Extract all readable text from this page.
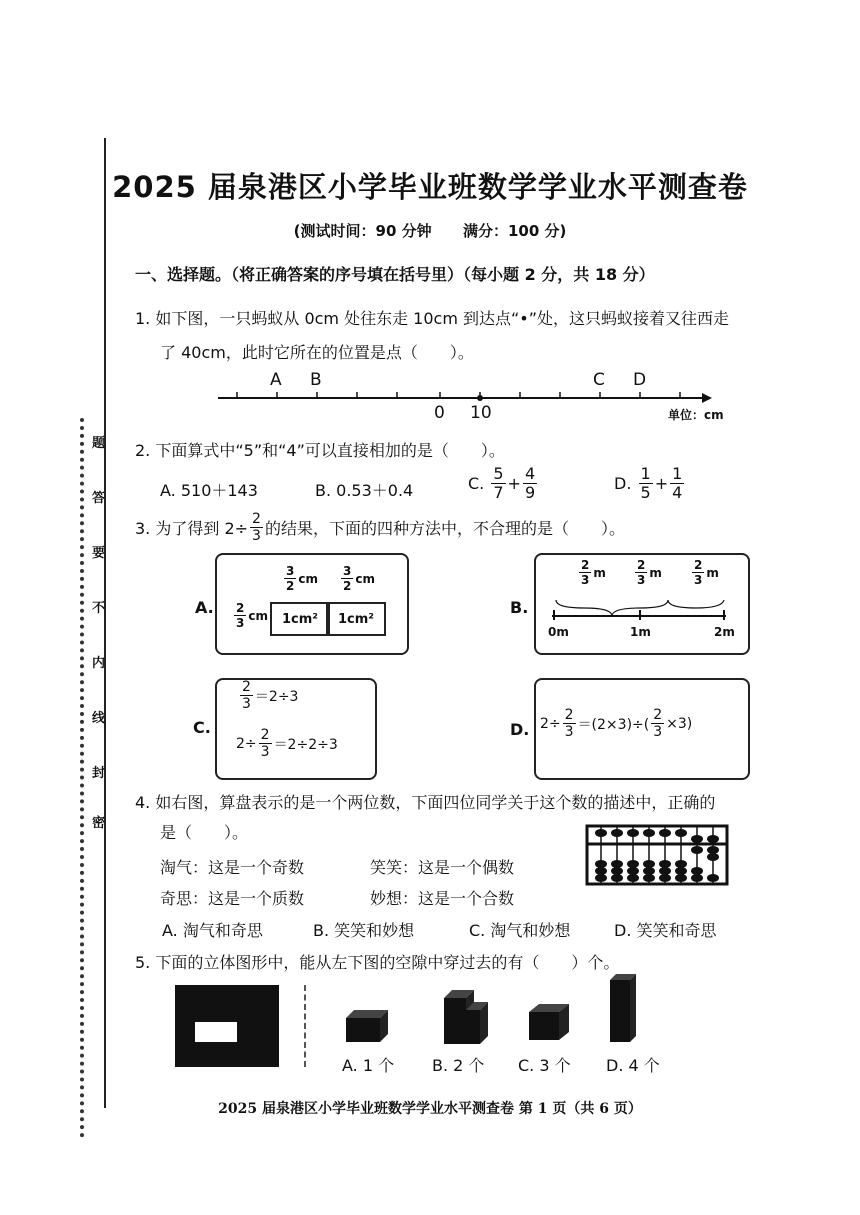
题
答
要
不
内
线
封
密
2025 届泉港区小学毕业班数学学业水平测查卷
(测试时间：90 分钟 满分：100 分)
一、选择题。（将正确答案的序号填在括号里）（每小题 2 分，共 18 分）
1. 如下图，一只蚂蚁从 0cm 处往东走 10cm 到达点“•”处，这只蚂蚁接着又往西走
了 40cm，此时它所在的位置是点（　　）。
A B	C D
0 10	单位：cm
2. 下面算式中“5”和“4”可以直接相加的是（　　）。
A. 510＋143	B. 0.53＋0.4	C.
$\frac{5}{7} + \frac{4}{9}$	D.
$\frac{1}{5} + \frac{1}{4}$
3. 为了得到 $2\div \frac{2}{3}$ 的结果，下面的四种方法中，不合理的是（　　）。
A.
$\frac{3}{2}$ cm $\frac{3}{2}$ cm
$\frac{2}{3}$ cm	1cm²	1cm²
B.
$\frac{2}{3}$ m $\frac{2}{3}$ m	$\frac{2}{3}$ m
0m	1m	2m
C.
$\frac{2}{3} =2\div 3$
$2\div \frac{2}{3} =2\div 2\div 3$
D. $2\div \frac{2}{3} =(2\times 3)\div( \frac{2}{3} \times 3)$
4. 如右图，算盘表示的是一个两位数，下面四位同学关于这个数的描述中，正确的
是（　　）。
淘气：这是一个奇数	笑笑：这是一个偶数
奇思：这是一个质数	妙想：这是一个合数
A. 淘气和奇思	B. 笑笑和妙想	C. 淘气和妙想	D. 笑笑和奇思
5. 下面的立体图形中，能从左下图的空隙中穿过去的有（　　）个。
A. 1 个 B. 2 个 C. 3 个 D. 4 个
2025 届泉港区小学毕业班数学学业水平测查卷 第 1 页（共 6 页）
